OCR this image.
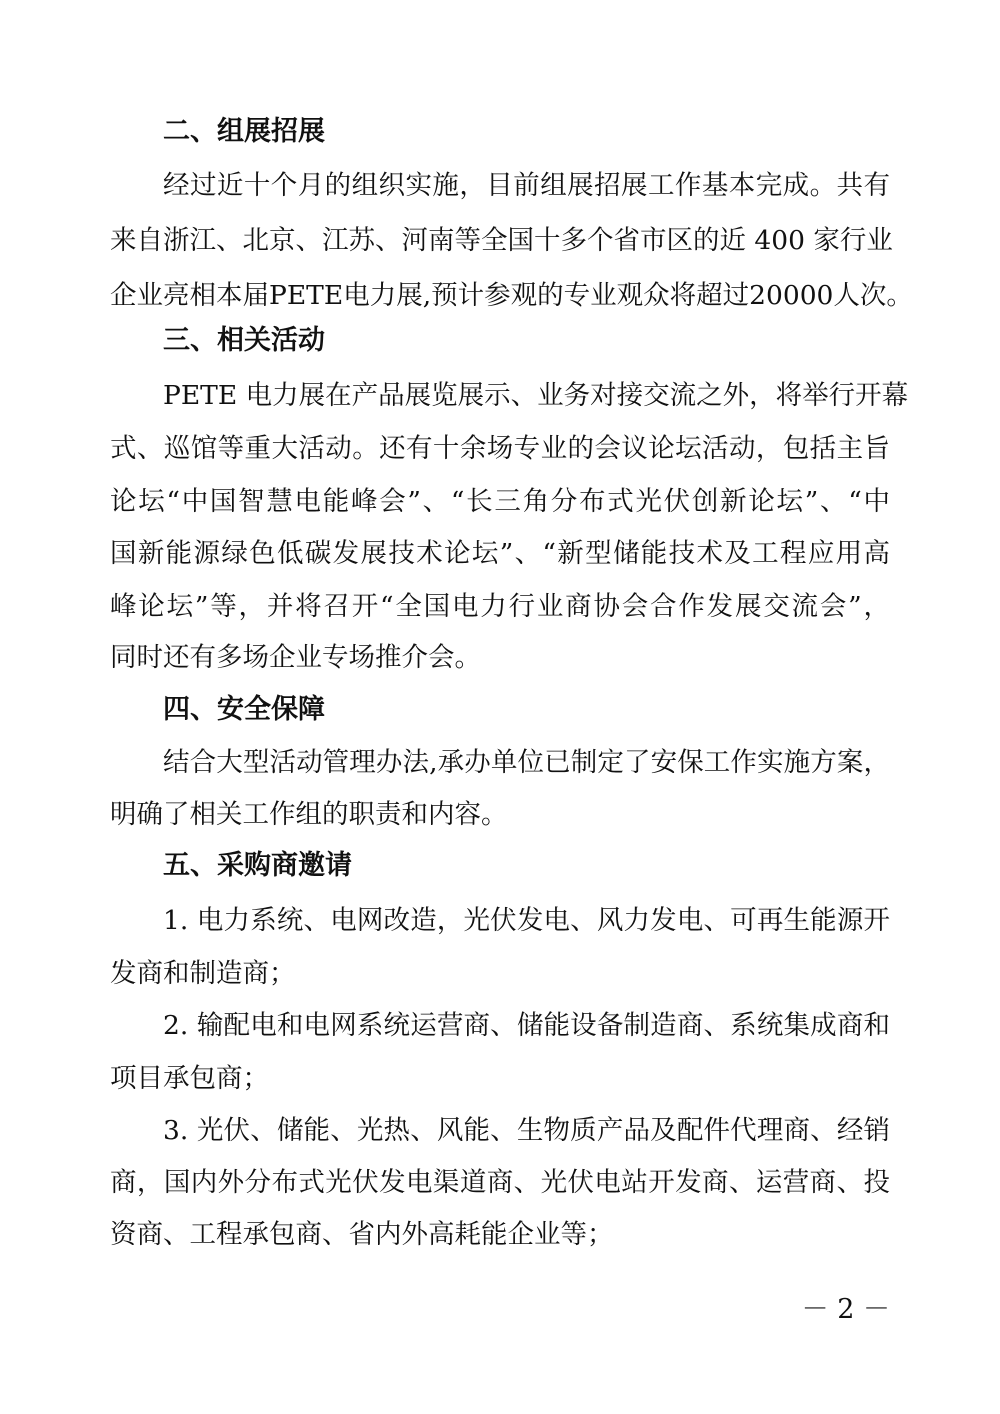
二、组展招展
经过近十个月的组织实施，目前组展招展工作基本完成。共有
来自浙江、北京、江苏、河南等全国十多个省市区的近 400 家行业
企业亮相本届PETE电力展,预计参观的专业观众将超过20000人次。
三、相关活动
PETE 电力展在产品展览展示、业务对接交流之外，将举行开幕
式、巡馆等重大活动。还有十余场专业的会议论坛活动，包括主旨
论坛“中国智慧电能峰会”、“长三角分布式光伏创新论坛”、“中
国新能源绿色低碳发展技术论坛”、“新型储能技术及工程应用高
峰论坛”等，并将召开“全国电力行业商协会合作发展交流会”，
同时还有多场企业专场推介会。
四、安全保障
结合大型活动管理办法,承办单位已制定了安保工作实施方案，
明确了相关工作组的职责和内容。
五、采购商邀请
1. 电力系统、电网改造，光伏发电、风力发电、可再生能源开
发商和制造商；
2. 输配电和电网系统运营商、储能设备制造商、系统集成商和
项目承包商；
3. 光伏、储能、光热、风能、生物质产品及配件代理商、经销
商，国内外分布式光伏发电渠道商、光伏电站开发商、运营商、投
资商、工程承包商、省内外高耗能企业等；
－ 2 －
